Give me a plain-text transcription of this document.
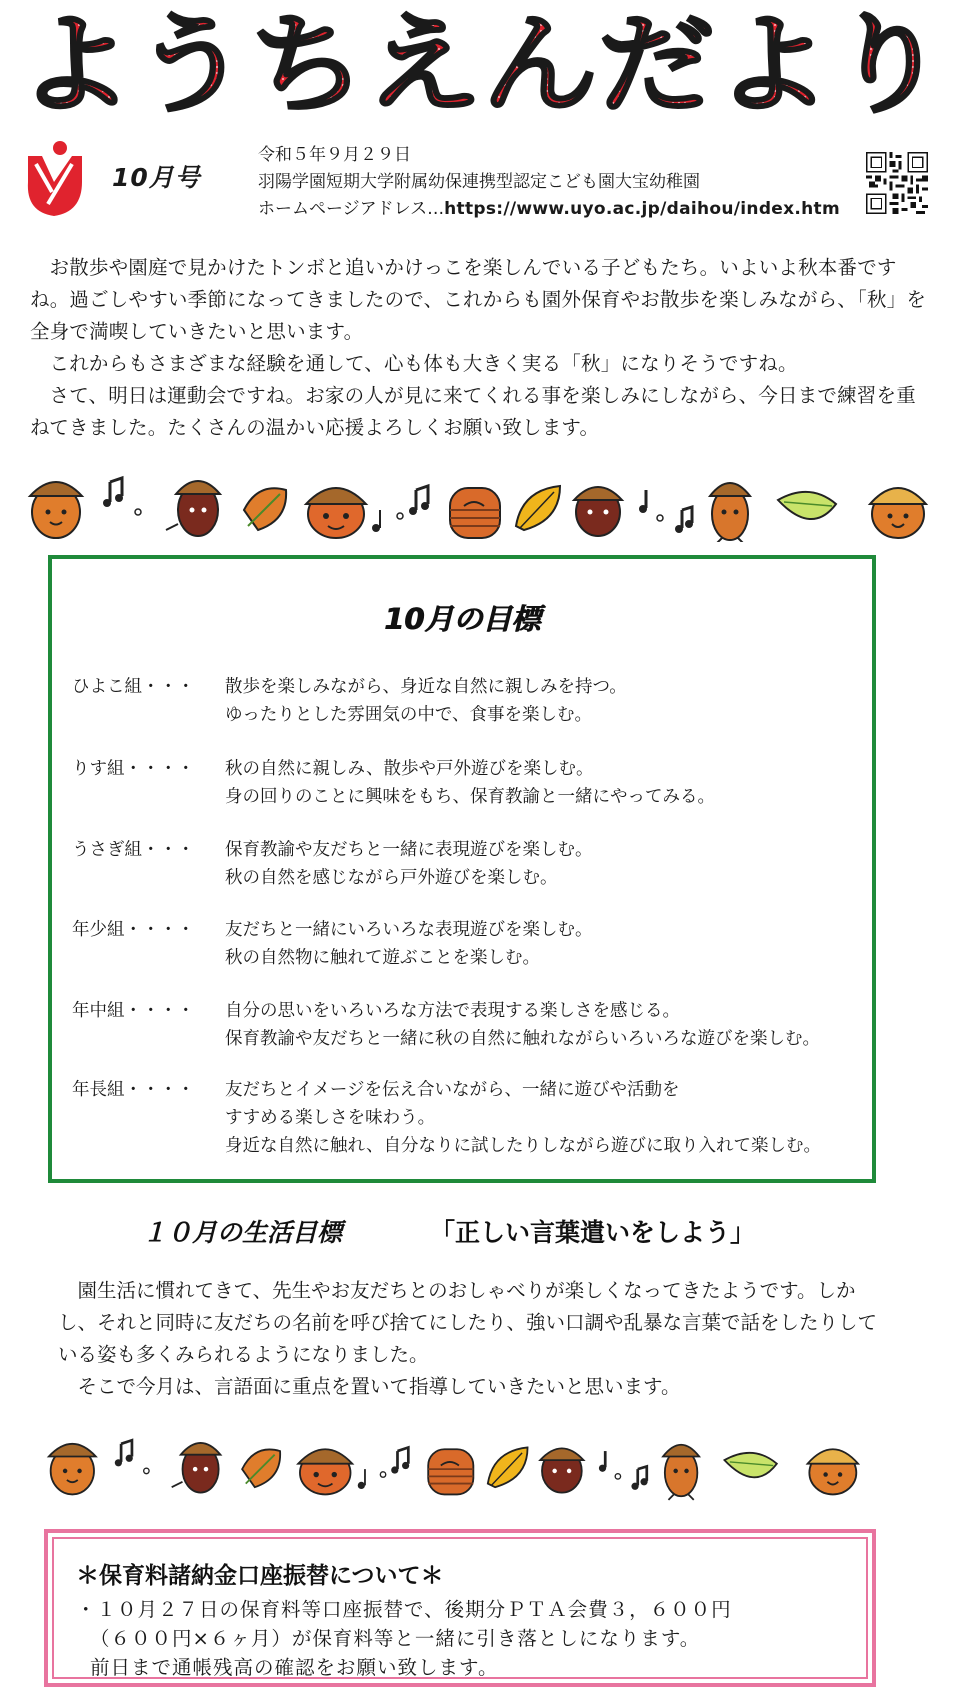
ようちえんだより
10月号
令和５年９月２９日
羽陽学園短期大学附属幼保連携型認定こども園大宝幼稚園
ホームページアドレス…https://www.uyo.ac.jp/daihou/index.htm

お散歩や園庭で見かけたトンボと追いかけっこを楽しんでいる子どもたち。いよいよ秋本番ですね。過ごしやすい季節になってきましたので、これからも園外保育やお散歩を楽しみながら、「秋」を全身で満喫していきたいと思います。

これからもさまざまな経験を通して、心も体も大きく実る「秋」になりそうですね。

さて、明日は運動会ですね。お家の人が見に来てくれる事を楽しみにしながら、今日まで練習を重ねてきました。たくさんの温かい応援よろしくお願い致します。

10月の目標
ひよこ組・・・	散歩を楽しみながら、身近な自然に親しみを持つ。
ゆったりとした雰囲気の中で、食事を楽しむ。
りす組・・・・	秋の自然に親しみ、散歩や戸外遊びを楽しむ。
身の回りのことに興味をもち、保育教諭と一緒にやってみる。
うさぎ組・・・	保育教諭や友だちと一緒に表現遊びを楽しむ。
秋の自然を感じながら戸外遊びを楽しむ。
年少組・・・・	友だちと一緒にいろいろな表現遊びを楽しむ。
秋の自然物に触れて遊ぶことを楽しむ。
年中組・・・・	自分の思いをいろいろな方法で表現する楽しさを感じる。
保育教諭や友だちと一緒に秋の自然に触れながらいろいろな遊びを楽しむ。
年長組・・・・	友だちとイメージを伝え合いながら、一緒に遊びや活動を
すすめる楽しさを味わう。
身近な自然に触れ、自分なりに試したりしながら遊びに取り入れて楽しむ。
１０月の生活目標	「正しい言葉遣いをしよう」

園生活に慣れてきて、先生やお友だちとのおしゃべりが楽しくなってきたようです。しかし、それと同時に友だちの名前を呼び捨てにしたり、強い口調や乱暴な言葉で話をしたりしている姿も多くみられるようになりました。

そこで今月は、言語面に重点を置いて指導していきたいと思います。

＊保育料諸納金口座振替について＊
・１０月２７日の保育料等口座振替で、後期分ＰＴＡ会費３，６００円
（６００円×６ヶ月）が保育料等と一緒に引き落としになります。
前日まで通帳残高の確認をお願い致します。
